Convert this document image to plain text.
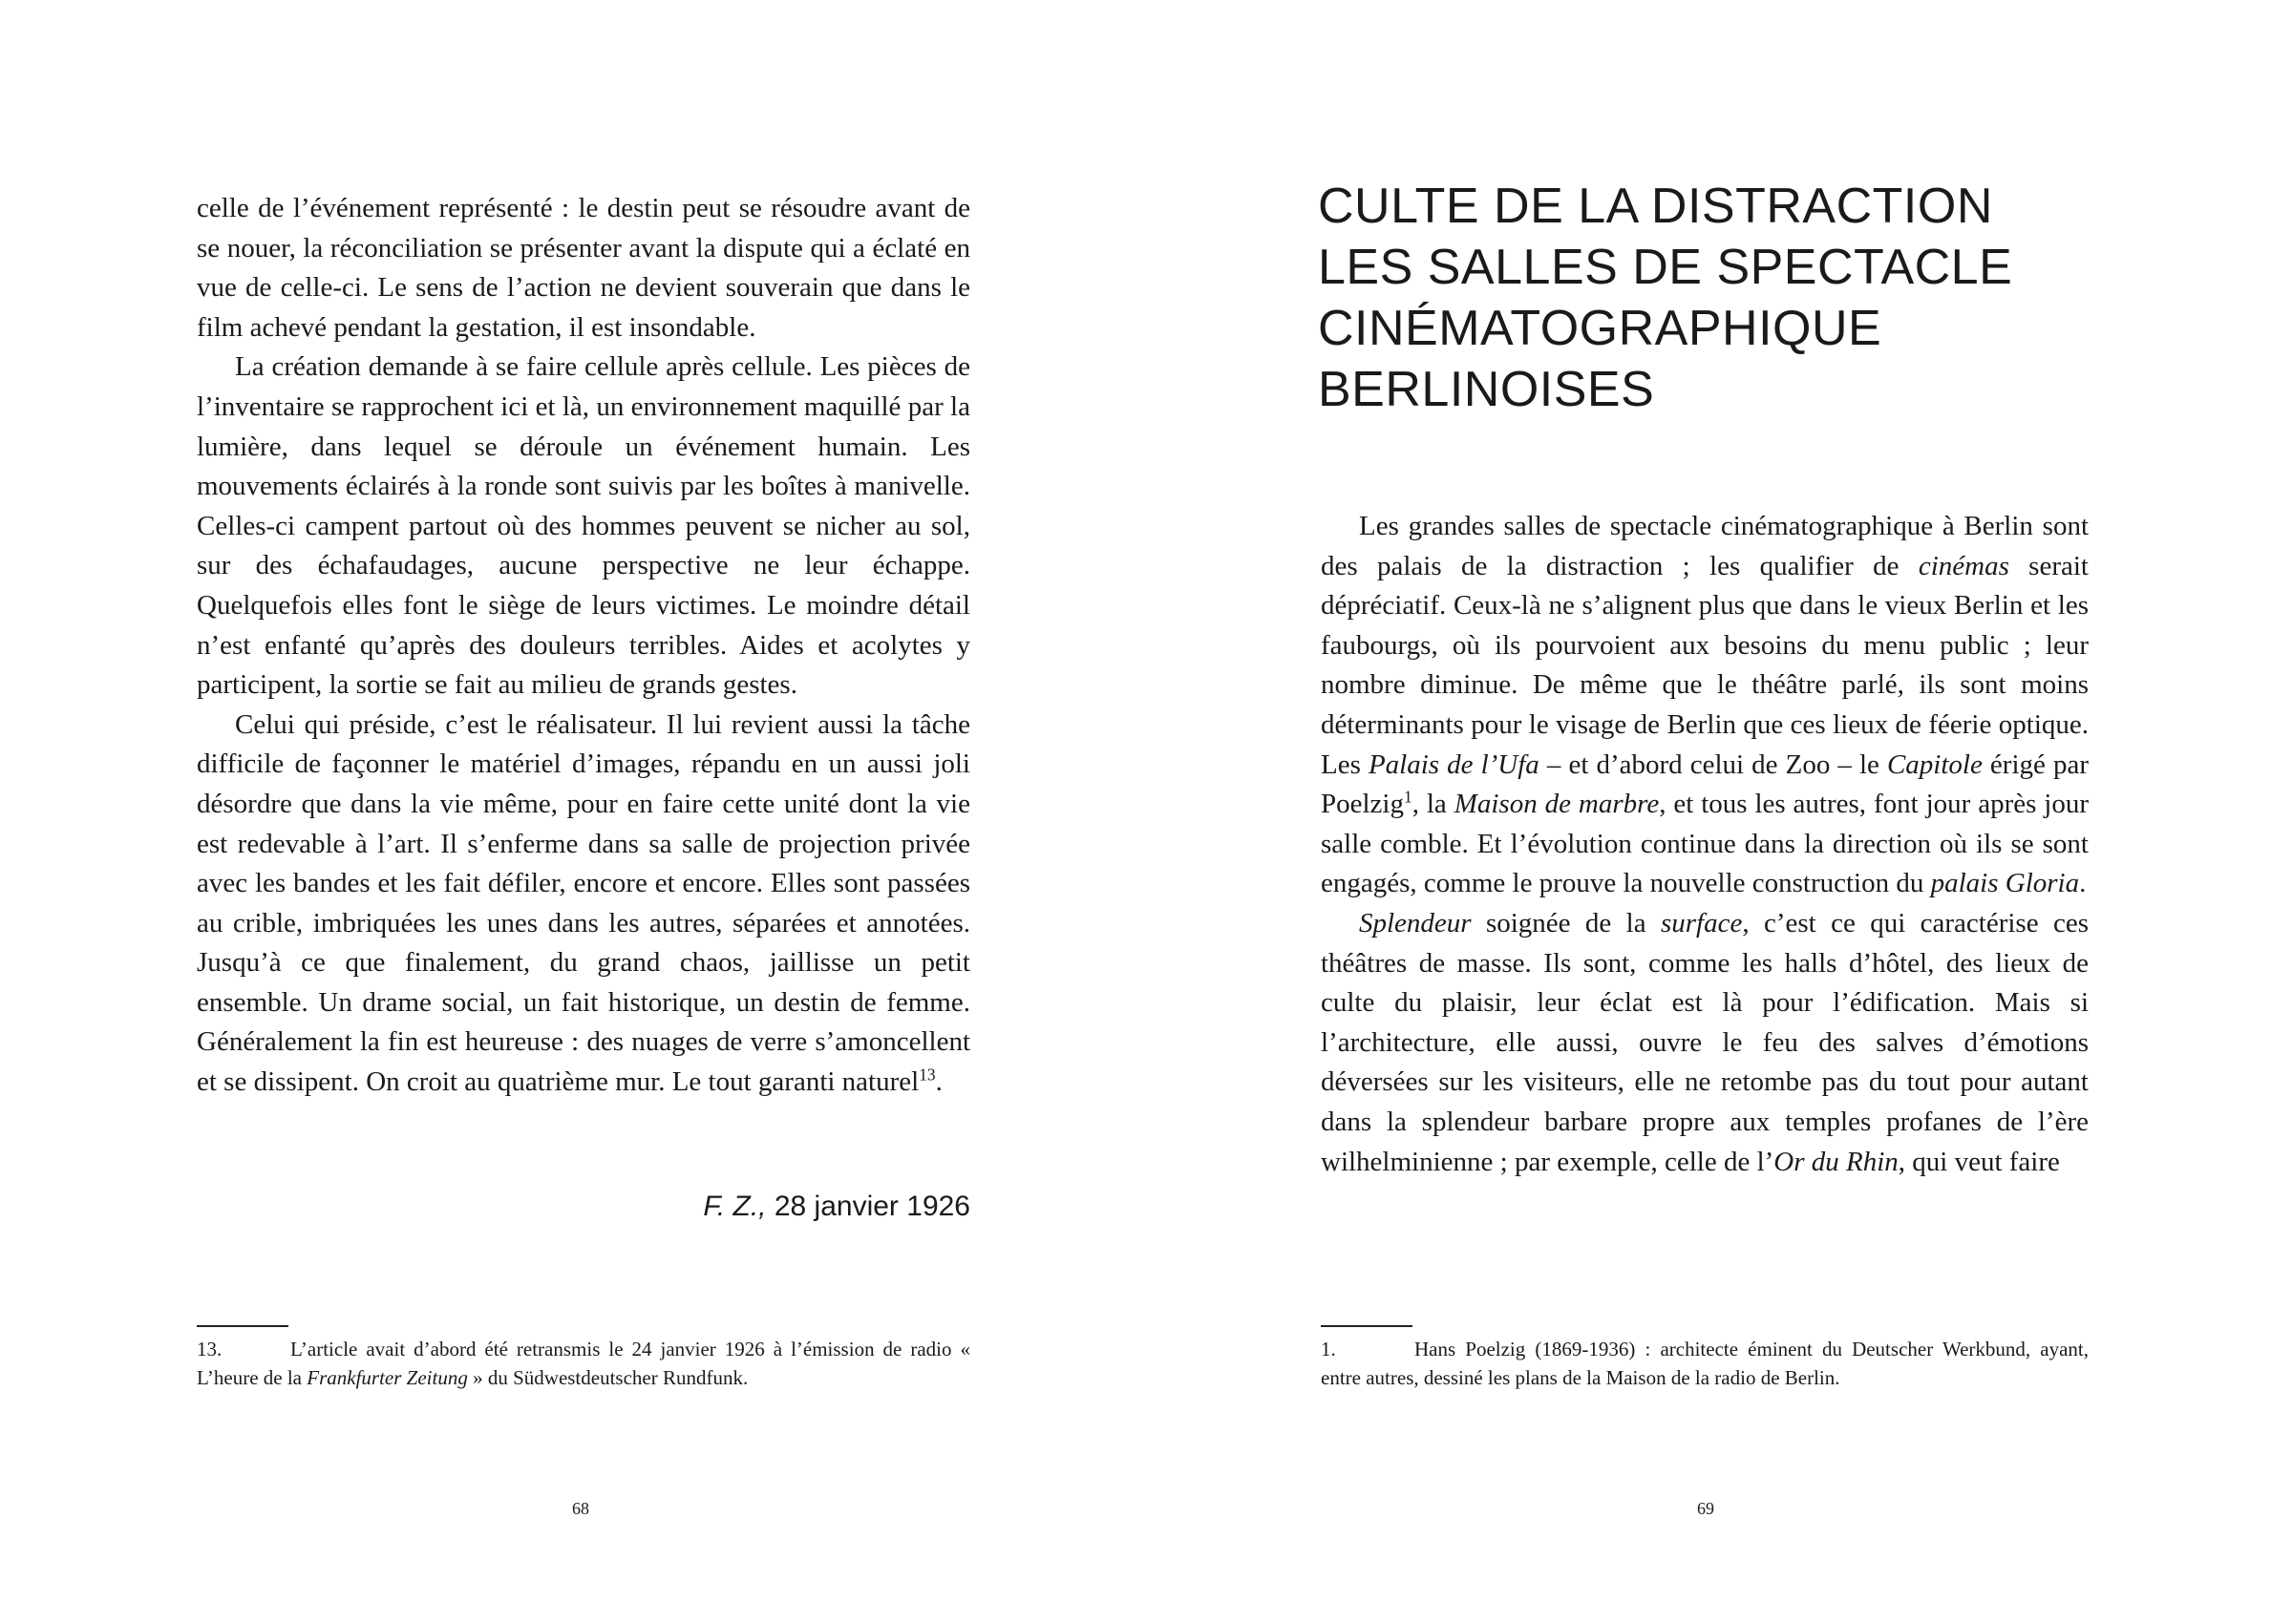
celle de l’événement représenté : le destin peut se résoudre avant de se nouer, la réconciliation se présenter avant la dispute qui a éclaté en vue de celle-ci. Le sens de l’action ne devient souverain que dans le film achevé pendant la gestation, il est insondable.

La création demande à se faire cellule après cellule. Les pièces de l’inventaire se rapprochent ici et là, un environnement maquillé par la lumière, dans lequel se déroule un événement humain. Les mouvements éclairés à la ronde sont suivis par les boîtes à manivelle. Celles-ci campent partout où des hommes peuvent se nicher au sol, sur des échafaudages, aucune perspective ne leur échappe. Quelquefois elles font le siège de leurs victimes. Le moindre détail n’est enfanté qu’après des douleurs terribles. Aides et acolytes y participent, la sortie se fait au milieu de grands gestes.

Celui qui préside, c’est le réalisateur. Il lui revient aussi la tâche difficile de façonner le matériel d’images, répandu en un aussi joli désordre que dans la vie même, pour en faire cette unité dont la vie est redevable à l’art. Il s’enferme dans sa salle de projection privée avec les bandes et les fait défiler, encore et encore. Elles sont passées au crible, imbriquées les unes dans les autres, séparées et annotées. Jusqu’à ce que finalement, du grand chaos, jaillisse un petit ensemble. Un drame social, un fait historique, un destin de femme. Généralement la fin est heureuse : des nuages de verre s’amoncellent et se dissipent. On croit au quatrième mur. Le tout garanti naturel$^{13}$.

F. Z., 28 janvier 1926
13.	L’article avait d’abord été retransmis le 24 janvier 1926 à l’émission de radio « L’heure de la Frankfurter Zeitung » du Südwestdeutscher Rundfunk.
68
CULTE DE LA DISTRACTION
LES SALLES DE SPECTACLE
CINÉMATOGRAPHIQUE
BERLINOISES

Les grandes salles de spectacle cinématographique à Berlin sont des palais de la distraction ; les qualifier de cinémas serait dépréciatif. Ceux-là ne s’alignent plus que dans le vieux Berlin et les faubourgs, où ils pourvoient aux besoins du menu public ; leur nombre diminue. De même que le théâtre parlé, ils sont moins déterminants pour le visage de Berlin que ces lieux de féerie optique. Les Palais de l’Ufa – et d’abord celui de Zoo – le Capitole érigé par Poelzig$^1$, la Maison de marbre, et tous les autres, font jour après jour salle comble. Et l’évolution continue dans la direction où ils se sont engagés, comme le prouve la nouvelle construction du palais Gloria.

Splendeur soignée de la surface, c’est ce qui caractérise ces théâtres de masse. Ils sont, comme les halls d’hôtel, des lieux de culte du plaisir, leur éclat est là pour l’édification. Mais si l’architecture, elle aussi, ouvre le feu des salves d’émotions déversées sur les visiteurs, elle ne retombe pas du tout pour autant dans la splendeur barbare propre aux temples profanes de l’ère wilhelminienne ; par exemple, celle de l’Or du Rhin, qui veut faire

1.	Hans Poelzig (1869-1936) : architecte éminent du Deutscher Werkbund, ayant, entre autres, dessiné les plans de la Maison de la radio de Berlin.
69
